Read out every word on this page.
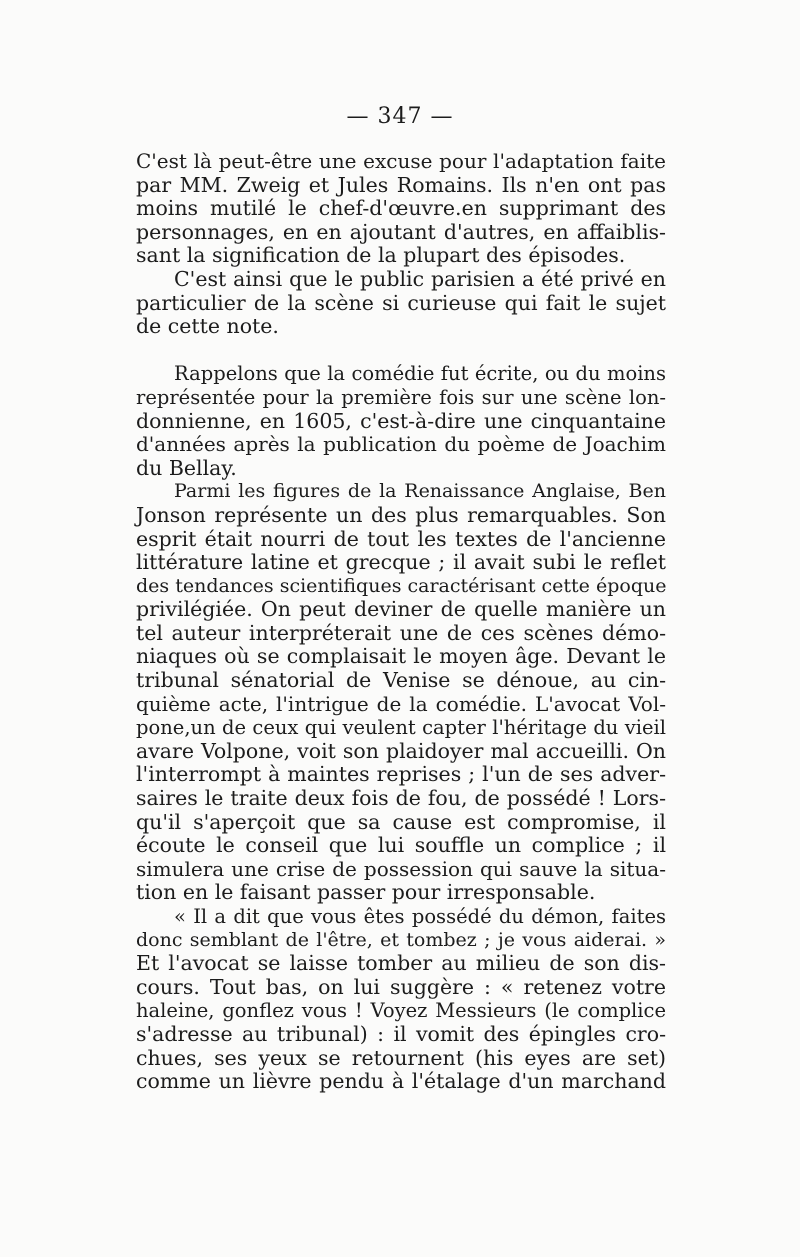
— 347 —
C'est là peut-être une excuse pour l'adaptation faite
par MM. Zweig et Jules Romains. Ils n'en ont pas
moins mutilé le chef-d'œuvre.en supprimant des
personnages, en en ajoutant d'autres, en affaiblis-
sant la signification de la plupart des épisodes.
C'est ainsi que le public parisien a été privé en
particulier de la scène si curieuse qui fait le sujet
de cette note.
Rappelons que la comédie fut écrite, ou du moins
représentée pour la première fois sur une scène lon-
donnienne, en 1605, c'est-à-dire une cinquantaine
d'années après la publication du poème de Joachim
du Bellay.
Parmi les figures de la Renaissance Anglaise, Ben
Jonson représente un des plus remarquables. Son
esprit était nourri de tout les textes de l'ancienne
littérature latine et grecque ; il avait subi le reflet
des tendances scientifiques caractérisant cette époque
privilégiée. On peut deviner de quelle manière un
tel auteur interpréterait une de ces scènes démo-
niaques où se complaisait le moyen âge. Devant le
tribunal sénatorial de Venise se dénoue, au cin-
quième acte, l'intrigue de la comédie. L'avocat Vol-
pone,un de ceux qui veulent capter l'héritage du vieil
avare Volpone, voit son plaidoyer mal accueilli. On
l'interrompt à maintes reprises ; l'un de ses adver-
saires le traite deux fois de fou, de possédé ! Lors-
qu'il s'aperçoit que sa cause est compromise, il
écoute le conseil que lui souffle un complice ; il
simulera une crise de possession qui sauve la situa-
tion en le faisant passer pour irresponsable.
« Il a dit que vous êtes possédé du démon, faites
donc semblant de l'être, et tombez ; je vous aiderai. »
Et l'avocat se laisse tomber au milieu de son dis-
cours. Tout bas, on lui suggère : « retenez votre
haleine, gonflez vous ! Voyez Messieurs (le complice
s'adresse au tribunal) : il vomit des épingles cro-
chues, ses yeux se retournent (his eyes are set)
comme un lièvre pendu à l'étalage d'un marchand
